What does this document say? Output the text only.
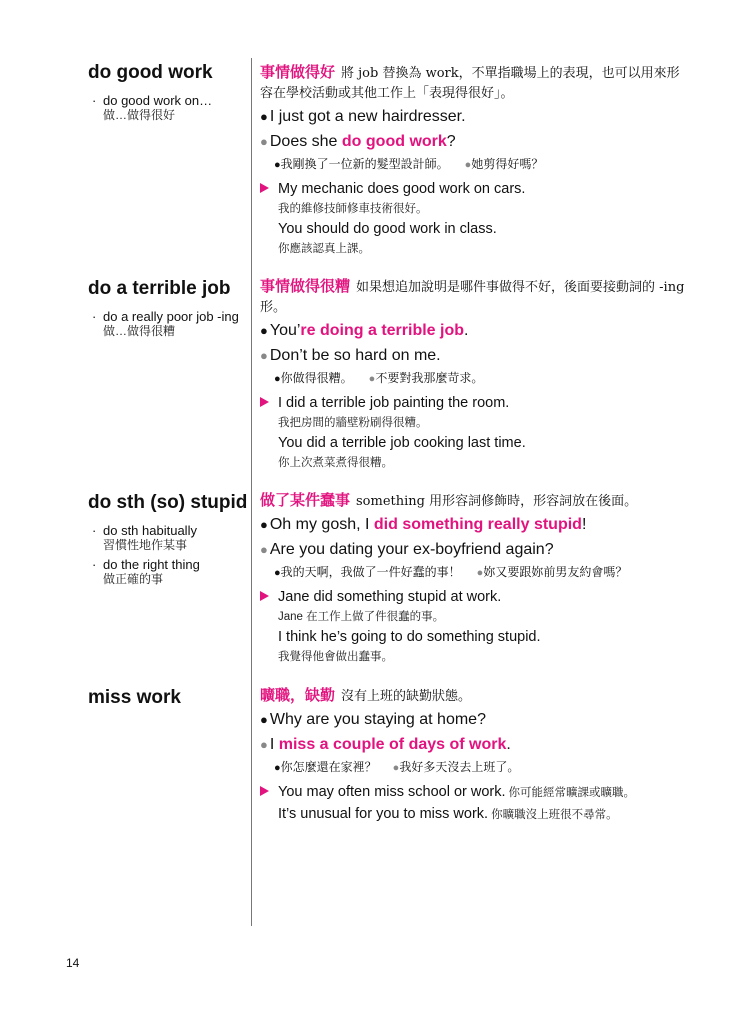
do good work
· do good work on…
做…做得很好
事情做得好 將 job 替換為 work，不單指職場上的表現，也可以用來形容在學校活動或其他工作上「表現得很好」。
● I just got a new hairdresser.
● Does she do good work?
●我剛換了一位新的髮型設計師。 ●她剪得好嗎？
My mechanic does good work on cars.
我的維修技師修車技術很好。
You should do good work in class.
你應該認真上課。
do a terrible job
· do a really poor job -ing
做…做得很糟
事情做得很糟 如果想追加說明是哪件事做得不好，後面要接動詞的 -ing 形。
● You’re doing a terrible job.
● Don’t be so hard on me.
●你做得很糟。 ●不要對我那麼苛求。
I did a terrible job painting the room.
我把房間的牆壁粉刷得很糟。
You did a terrible job cooking last time.
你上次煮菜煮得很糟。
do sth (so) stupid
· do sth habitually
習慣性地作某事
· do the right thing
做正確的事
做了某件蠢事 something 用形容詞修飾時，形容詞放在後面。
● Oh my gosh, I did something really stupid!
● Are you dating your ex-boyfriend again?
●我的天啊，我做了一件好蠢的事！ ●妳又要跟妳前男友約會嗎？
Jane did something stupid at work.
Jane 在工作上做了件很蠢的事。
I think he’s going to do something stupid.
我覺得他會做出蠢事。
miss work	曠職，缺勤 沒有上班的缺勤狀態。
● Why are you staying at home?
● I miss a couple of days of work.
●你怎麼還在家裡？ ●我好多天沒去上班了。
You may often miss school or work. 你可能經常曠課或曠職。
It’s unusual for you to miss work. 你曠職沒上班很不尋常。
14
